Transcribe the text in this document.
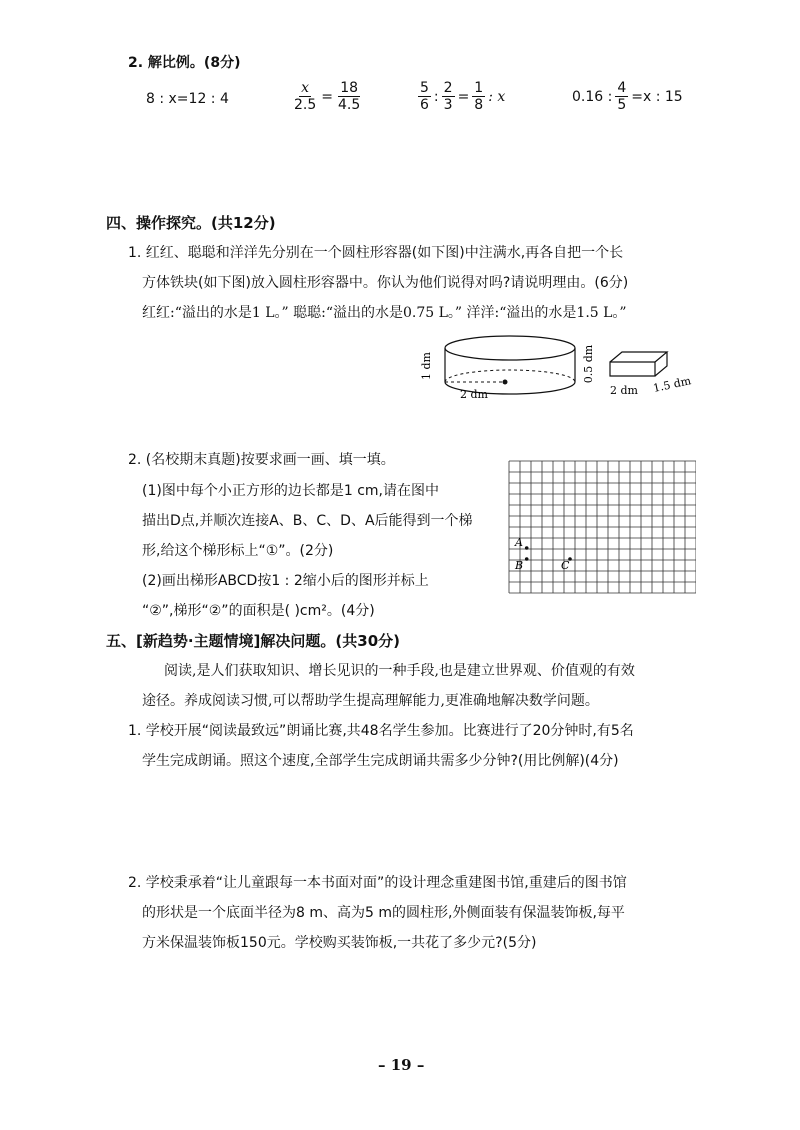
2. 解比例。(8分)
8 : x=12 : 4	$\frac{x}{2.5} = \frac{18}{4.5}$	$\frac{5}{6}$ : $\frac{2}{3} = \frac{1}{8}$ : x	0.16 : $\frac{4}{5} =x$ : 15
四、操作探究。(共12分)
1. 红红、聪聪和洋洋先分别在一个圆柱形容器(如下图)中注满水,再各自把一个长
方体铁块(如下图)放入圆柱形容器中。你认为他们说得对吗?请说明理由。(6分)
红红:“溢出的水是1 L。” 聪聪:“溢出的水是0.75 L。” 洋洋:“溢出的水是1.5 L。”
1 dm
2 dm
0.5 dm
2 dm 1.5 dm
2. (名校期末真题)按要求画一画、填一填。
(1)图中每个小正方形的边长都是1 cm,请在图中
描出D点,并顺次连接A、B、C、D、A后能得到一个梯
形,给这个梯形标上“①”。(2分)
(2)画出梯形ABCD按1 : 2缩小后的图形并标上
“②”,梯形“②”的面积是( )cm²。(4分)
A
B	C
五、[新趋势·主题情境]解决问题。(共30分)
阅读,是人们获取知识、增长见识的一种手段,也是建立世界观、价值观的有效
途径。养成阅读习惯,可以帮助学生提高理解能力,更准确地解决数学问题。
1. 学校开展“阅读最致远”朗诵比赛,共48名学生参加。比赛进行了20分钟时,有5名
学生完成朗诵。照这个速度,全部学生完成朗诵共需多少分钟?(用比例解)(4分)
2. 学校秉承着“让儿童跟每一本书面对面”的设计理念重建图书馆,重建后的图书馆
的形状是一个底面半径为8 m、高为5 m的圆柱形,外侧面装有保温装饰板,每平
方米保温装饰板150元。学校购买装饰板,一共花了多少元?(5分)
– 19 –
